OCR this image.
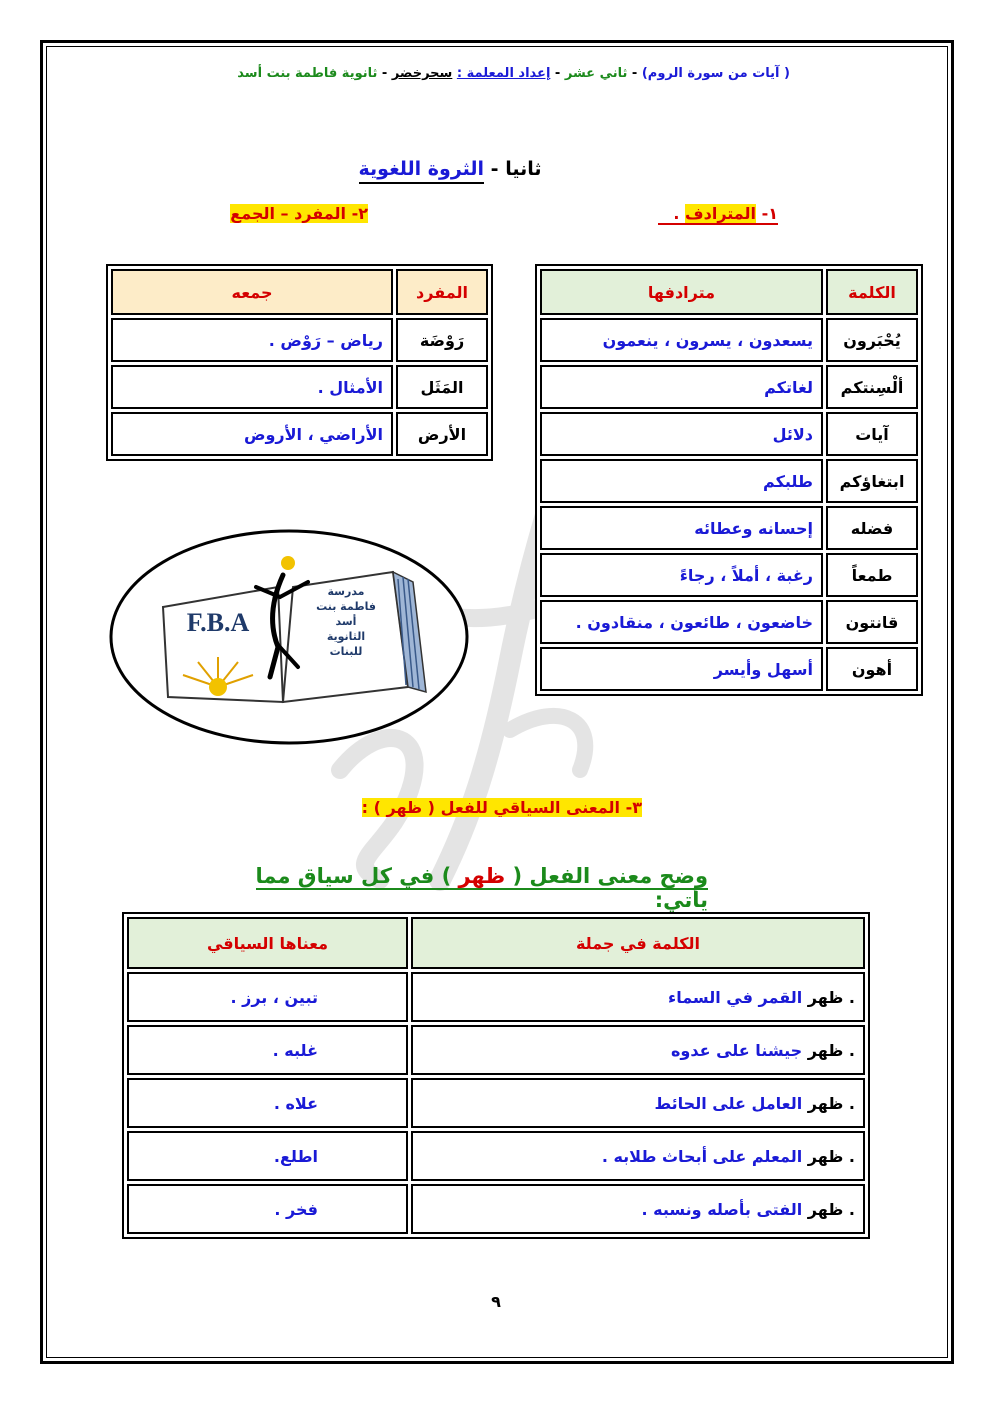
( آيات من سورة الروم) - ثاني عشر - إعداد المعلمة : سحرخضر - ثانوية فاطمة بنت أسد
ثانيا - الثروة اللغوية
١- المترادف .
٢- المفرد – الجمع
الكلمة	مترادفها
يُحْبَرون	يسعدون ، يسرون ، ينعمون
ألْسِنتكم	لغاتكم
آيات	دلائل
ابتغاؤكم	طلبكم
فضله	إحسانه وعطائه
طمعاً	رغبة ، أملاً ، رجاءً
قانتون	خاضعون ، طائعون ، منقادون .
أهون	أسهل وأيسر
المفرد	جمعه
رَوْضَة	رياض – رَوْض .
المَثَل	الأمثال .
الأرض	الأراضي ، الأروض
F.B.A
مدرسة
فاطمة بنت
أسد
الثانوية
للبنات
٣- المعنى السياقي للفعل ( ظهر ) :
وضح معنى الفعل ( ظهر ) في كل سياق مما يأتي:
الكلمة في جملة	معناها السياقي
. ظهر القمر في السماء	تبين ، برز .
. ظهر جيشنا على عدوه	غلبه .
. ظهر العامل على الحائط	علاه .
. ظهر المعلم على أبحاث طلابه .	اطلع.
. ظهر الفتى بأصله ونسبه .	فخر .
٩
